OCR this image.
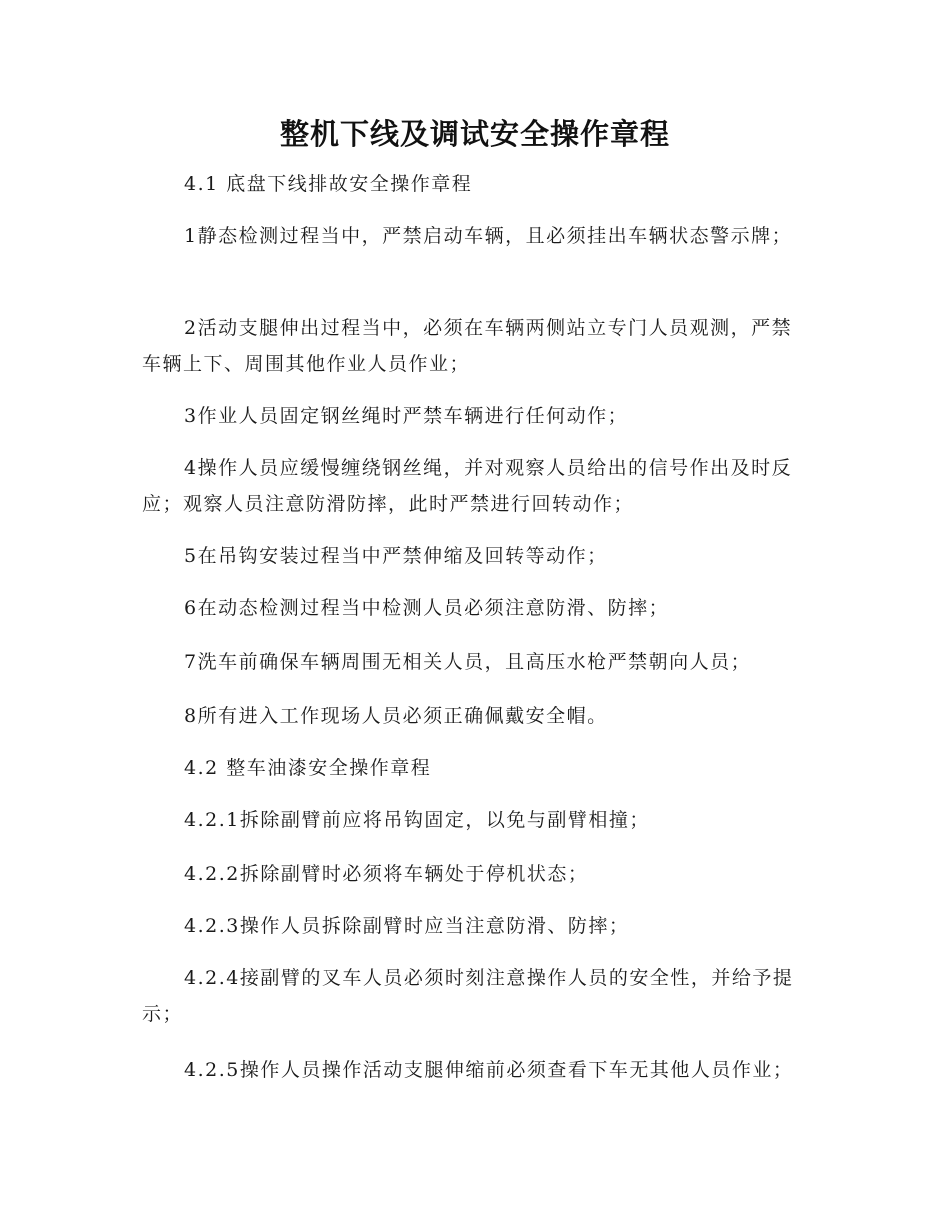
整机下线及调试安全操作章程

4.1 底盘下线排故安全操作章程

1静态检测过程当中，严禁启动车辆，且必须挂出车辆状态警示牌；

2活动支腿伸出过程当中，必须在车辆两侧站立专门人员观测，严禁车辆上下、周围其他作业人员作业；

3作业人员固定钢丝绳时严禁车辆进行任何动作；

4操作人员应缓慢缠绕钢丝绳，并对观察人员给出的信号作出及时反应；观察人员注意防滑防摔，此时严禁进行回转动作；

5在吊钩安装过程当中严禁伸缩及回转等动作；

6在动态检测过程当中检测人员必须注意防滑、防摔；

7洗车前确保车辆周围无相关人员，且高压水枪严禁朝向人员；

8所有进入工作现场人员必须正确佩戴安全帽。

4.2 整车油漆安全操作章程

4.2.1拆除副臂前应将吊钩固定，以免与副臂相撞；

4.2.2拆除副臂时必须将车辆处于停机状态；

4.2.3操作人员拆除副臂时应当注意防滑、防摔；

4.2.4接副臂的叉车人员必须时刻注意操作人员的安全性，并给予提示；

4.2.5操作人员操作活动支腿伸缩前必须查看下车无其他人员作业；
